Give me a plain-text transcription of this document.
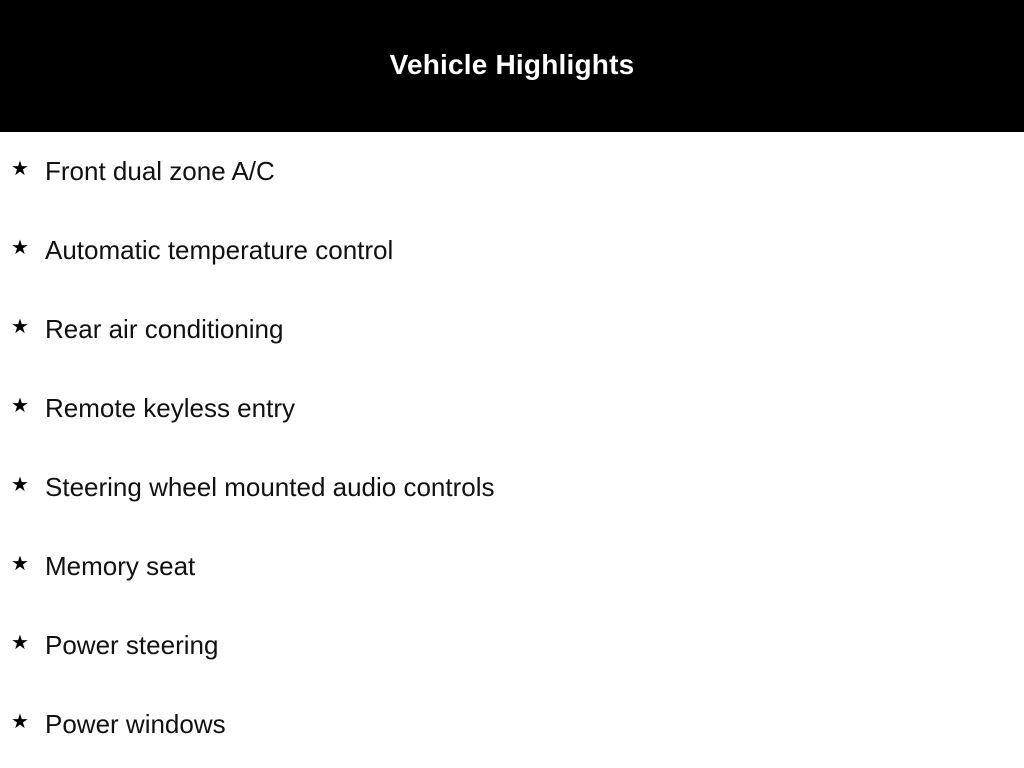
Vehicle Highlights
★ Front dual zone A/C
★ Automatic temperature control
★ Rear air conditioning
★ Remote keyless entry
★ Steering wheel mounted audio controls
★ Memory seat
★ Power steering
★ Power windows
